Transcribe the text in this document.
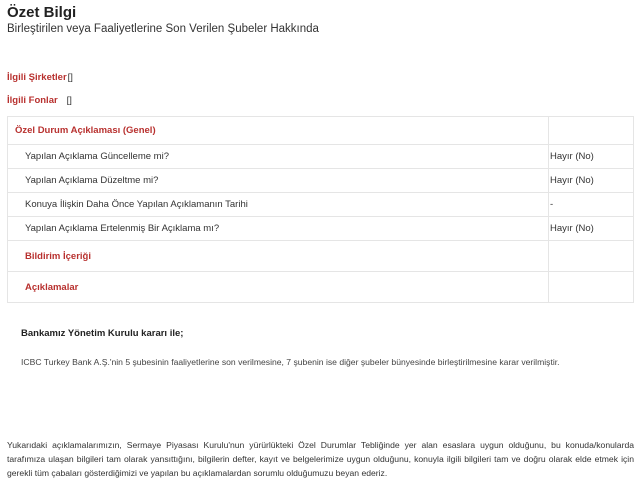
Özet Bilgi
Birleştirilen veya Faaliyetlerine Son Verilen Şubeler Hakkında
İlgili Şirketler[]
İlgili Fonlar []
Özel Durum Açıklaması (Genel)	
Yapılan Açıklama Güncelleme mi?	Hayır (No)
Yapılan Açıklama Düzeltme mi?	Hayır (No)
Konuya İlişkin Daha Önce Yapılan Açıklamanın Tarihi	-
Yapılan Açıklama Ertelenmiş Bir Açıklama mı?	Hayır (No)
Bildirim İçeriği	
Açıklamalar	
Bankamız Yönetim Kurulu kararı ile;
ICBC Turkey Bank A.Ş.'nin 5 şubesinin faaliyetlerine son verilmesine, 7 şubenin ise diğer şubeler bünyesinde birleştirilmesine karar verilmiştir.
Yukarıdaki açıklamalarımızın, Sermaye Piyasası Kurulu'nun yürürlükteki Özel Durumlar Tebliğinde yer alan esaslara uygun olduğunu, bu konuda/konularda tarafımıza ulaşan bilgileri tam olarak yansıttığını, bilgilerin defter, kayıt ve belgelerimize uygun olduğunu, konuyla ilgili bilgileri tam ve doğru olarak elde etmek için gerekli tüm çabaları gösterdiğimizi ve yapılan bu açıklamalardan sorumlu olduğumuzu beyan ederiz.
